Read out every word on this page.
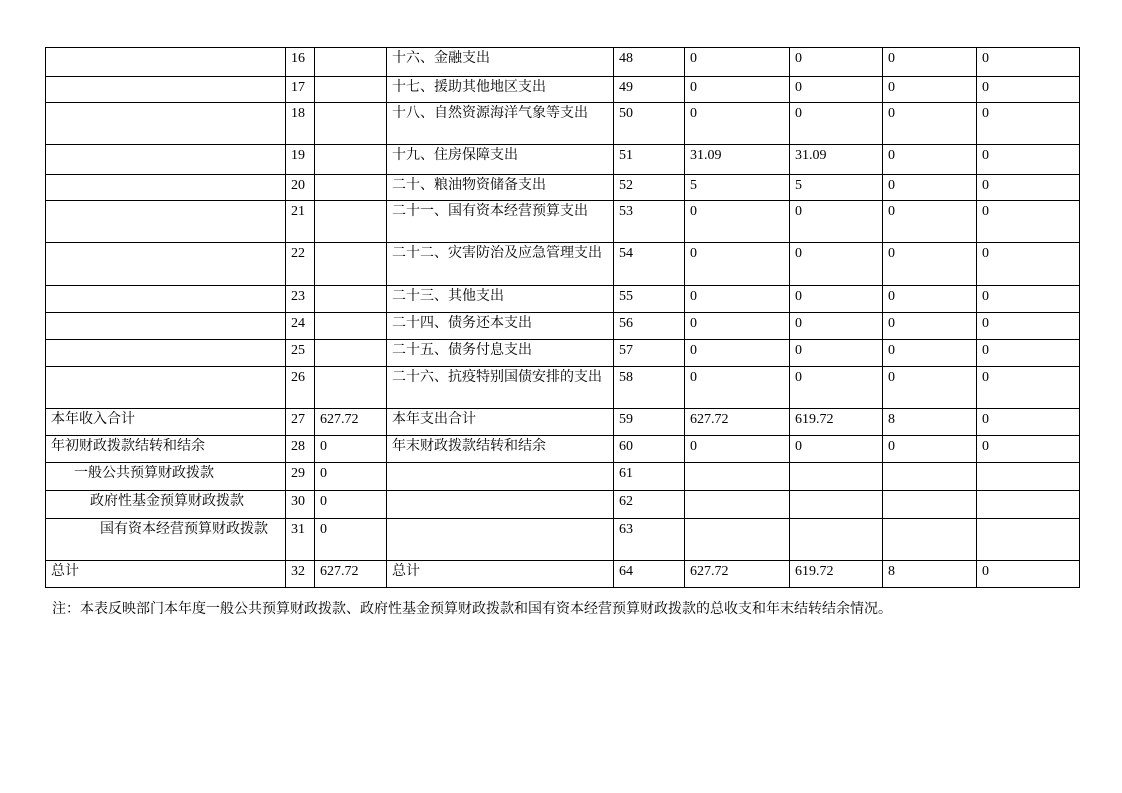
	16		十六、金融支出	48	0	0	0	0
	17		十七、援助其他地区支出	49	0	0	0	0
	18		十八、自然资源海洋气象等支出	50	0	0	0	0
	19		十九、住房保障支出	51	31.09	31.09	0	0
	20		二十、粮油物资储备支出	52	5	5	0	0
	21		二十一、国有资本经营预算支出	53	0	0	0	0
	22		二十二、灾害防治及应急管理支出	54	0	0	0	0
	23		二十三、其他支出	55	0	0	0	0
	24		二十四、债务还本支出	56	0	0	0	0
	25		二十五、债务付息支出	57	0	0	0	0
	26		二十六、抗疫特别国债安排的支出	58	0	0	0	0
本年收入合计	27	627.72	本年支出合计	59	627.72	619.72	8	0
年初财政拨款结转和结余	28	0	年末财政拨款结转和结余	60	0	0	0	0
一般公共预算财政拨款	29	0		61				
政府性基金预算财政拨款	30	0		62				
国有资本经营预算财政拨款	31	0		63				
总计	32	627.72	总计	64	627.72	619.72	8	0
注：本表反映部门本年度一般公共预算财政拨款、政府性基金预算财政拨款和国有资本经营预算财政拨款的总收支和年末结转结余情况。
